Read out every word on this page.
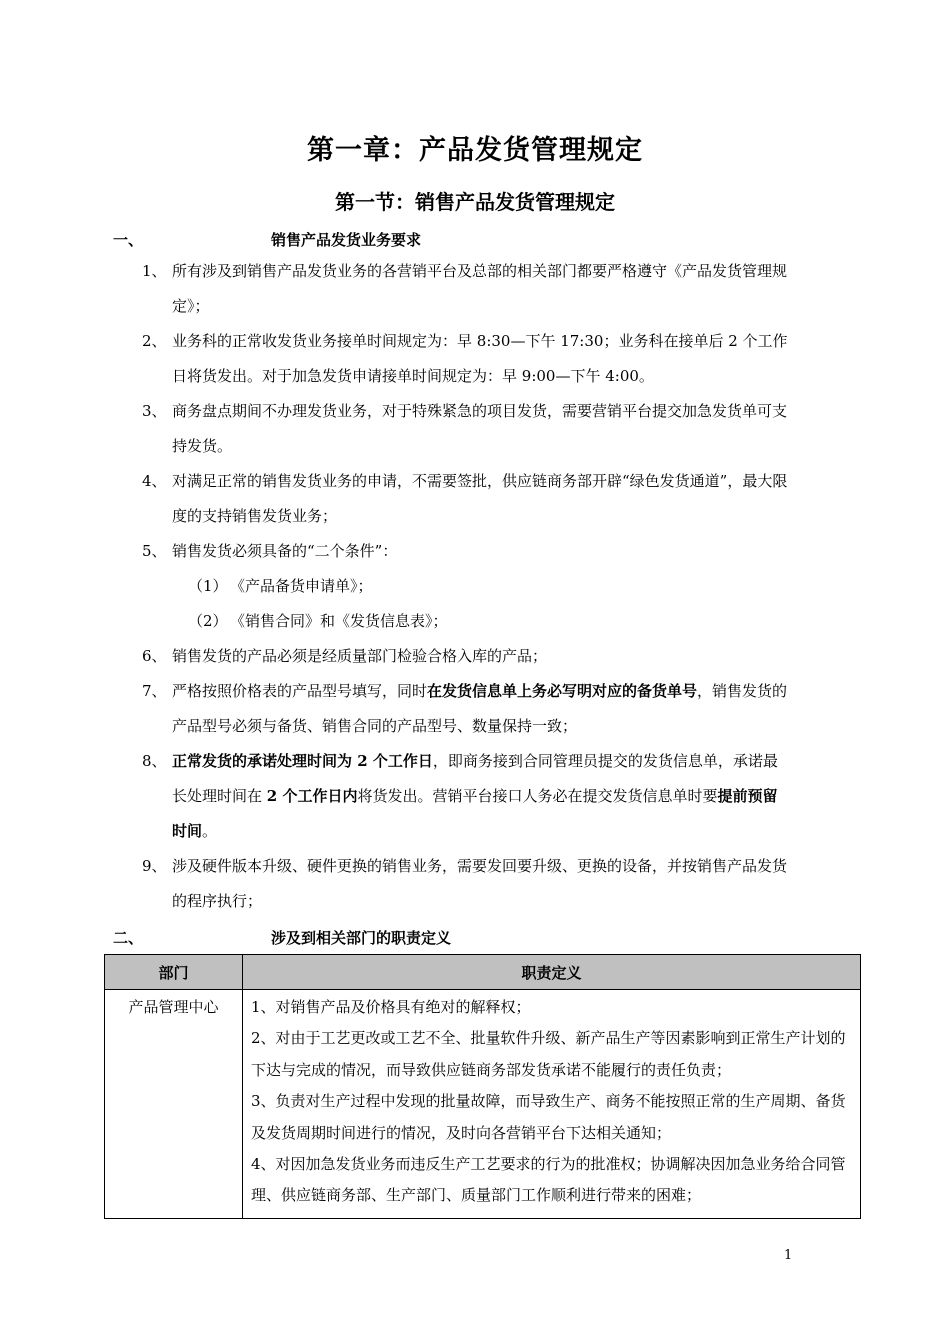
第一章：产品发货管理规定
第一节：销售产品发货管理规定
一、	销售产品发货业务要求
1、 所有涉及到销售产品发货业务的各营销平台及总部的相关部门都要严格遵守《产品发货管理规定》；
2、 业务科的正常收发货业务接单时间规定为：早 8:30—下午 17:30；业务科在接单后 2 个工作日将货发出。对于加急发货申请接单时间规定为：早 9:00—下午 4:00。
3、 商务盘点期间不办理发货业务，对于特殊紧急的项目发货，需要营销平台提交加急发货单可支持发货。
4、 对满足正常的销售发货业务的申请，不需要签批，供应链商务部开辟“绿色发货通道”，最大限度的支持销售发货业务；
5、 销售发货必须具备的“二个条件”：
（1） 《产品备货申请单》；
（2） 《销售合同》和《发货信息表》；
6、 销售发货的产品必须是经质量部门检验合格入库的产品；
7、 严格按照价格表的产品型号填写，同时在发货信息单上务必写明对应的备货单号，销售发货的产品型号必须与备货、销售合同的产品型号、数量保持一致；
8、 正常发货的承诺处理时间为 2 个工作日，即商务接到合同管理员提交的发货信息单，承诺最长处理时间在 2 个工作日内将货发出。营销平台接口人务必在提交发货信息单时要提前预留时间。
9、 涉及硬件版本升级、硬件更换的销售业务，需要发回要升级、更换的设备，并按销售产品发货的程序执行；
二、	涉及到相关部门的职责定义
部门	职责定义
产品管理中心	1、对销售产品及价格具有绝对的解释权；
2、对由于工艺更改或工艺不全、批量软件升级、新产品生产等因素影响到正常生产计划的下达与完成的情况，而导致供应链商务部发货承诺不能履行的责任负责；
3、负责对生产过程中发现的批量故障，而导致生产、商务不能按照正常的生产周期、备货及发货周期时间进行的情况，及时向各营销平台下达相关通知；
4、对因加急发货业务而违反生产工艺要求的行为的批准权；协调解决因加急业务给合同管理、供应链商务部、生产部门、质量部门工作顺利进行带来的困难；
1
